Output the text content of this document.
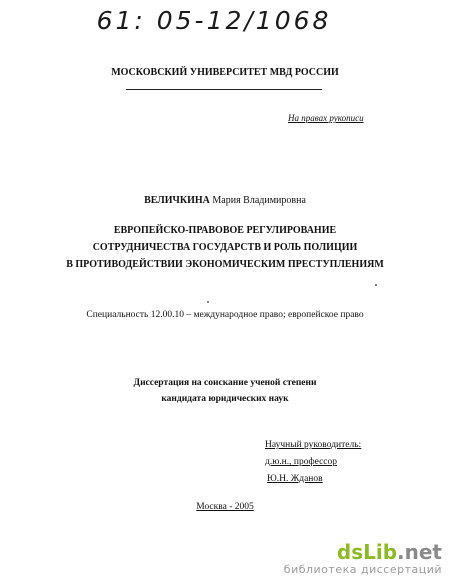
61: 05-12/1068
МОСКОВСКИЙ УНИВЕРСИТЕТ МВД РОССИИ
На правах рукописи
ВЕЛИЧКИНА Мария Владимировна
ЕВРОПЕЙСКО-ПРАВОВОЕ РЕГУЛИРОВАНИЕ
СОТРУДНИЧЕСТВА ГОСУДАРСТВ И РОЛЬ ПОЛИЦИИ
В ПРОТИВОДЕЙСТВИИ ЭКОНОМИЧЕСКИМ ПРЕСТУПЛЕНИЯМ
Специальность 12.00.10 – международное право; европейское право
Диссертация на соискание ученой степени
кандидата юридических наук
Научный руководитель:
д.ю.н., профессор
Ю.Н. Жданов
Москва - 2005
dsLib.net
библиотека диссертаций
